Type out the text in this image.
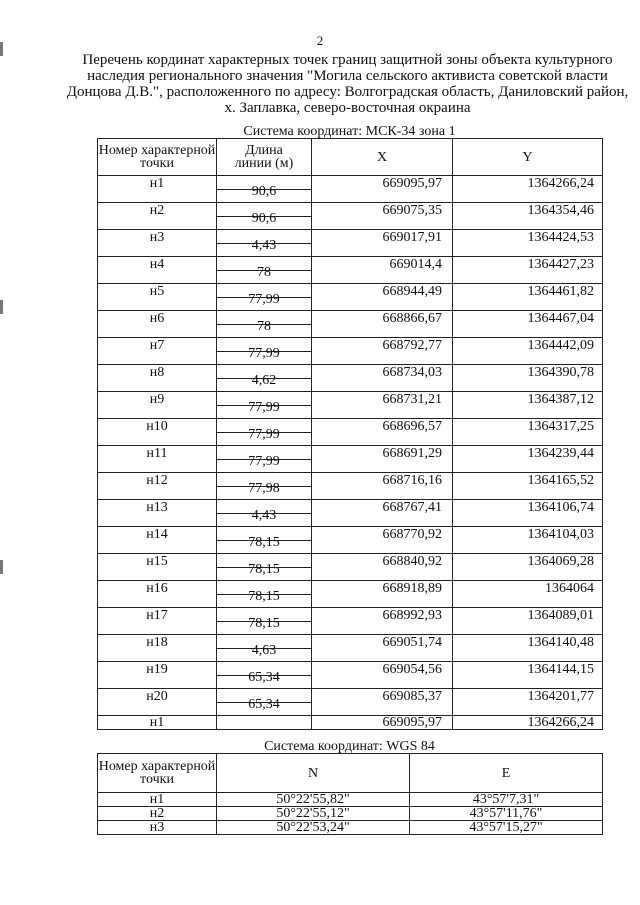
2
Перечень кординат характерных точек границ защитной зоны объекта культурного наследия регионального значения "Могила сельского активиста советской власти Донцова Д.В.", расположенного по адресу: Волгоградская область, Даниловский район, х. Заплавка, северо-восточная окраина
Система координат: МСК-34 зона 1
Номер характерной точки	Длина линии (м)	X	Y
н1	90,6	669095,97	1364266,24
н2	90,6	669075,35	1364354,46
н3	4,43	669017,91	1364424,53
н4	78	669014,4	1364427,23
н5	77,99	668944,49	1364461,82
н6	78	668866,67	1364467,04
н7	77,99	668792,77	1364442,09
н8	4,62	668734,03	1364390,78
н9	77,99	668731,21	1364387,12
н10	77,99	668696,57	1364317,25
н11	77,99	668691,29	1364239,44
н12	77,98	668716,16	1364165,52
н13	4,43	668767,41	1364106,74
н14	78,15	668770,92	1364104,03
н15	78,15	668840,92	1364069,28
н16	78,15	668918,89	1364064
н17	78,15	668992,93	1364089,01
н18	4,63	669051,74	1364140,48
н19	65,34	669054,56	1364144,15
н20	65,34	669085,37	1364201,77
н1		669095,97	1364266,24
Система координат: WGS 84
Номер характерной точки	N	E
н1	50°22'55,82"	43°57'7,31"
н2	50°22'55,12"	43°57'11,76"
н3	50°22'53,24"	43°57'15,27"
